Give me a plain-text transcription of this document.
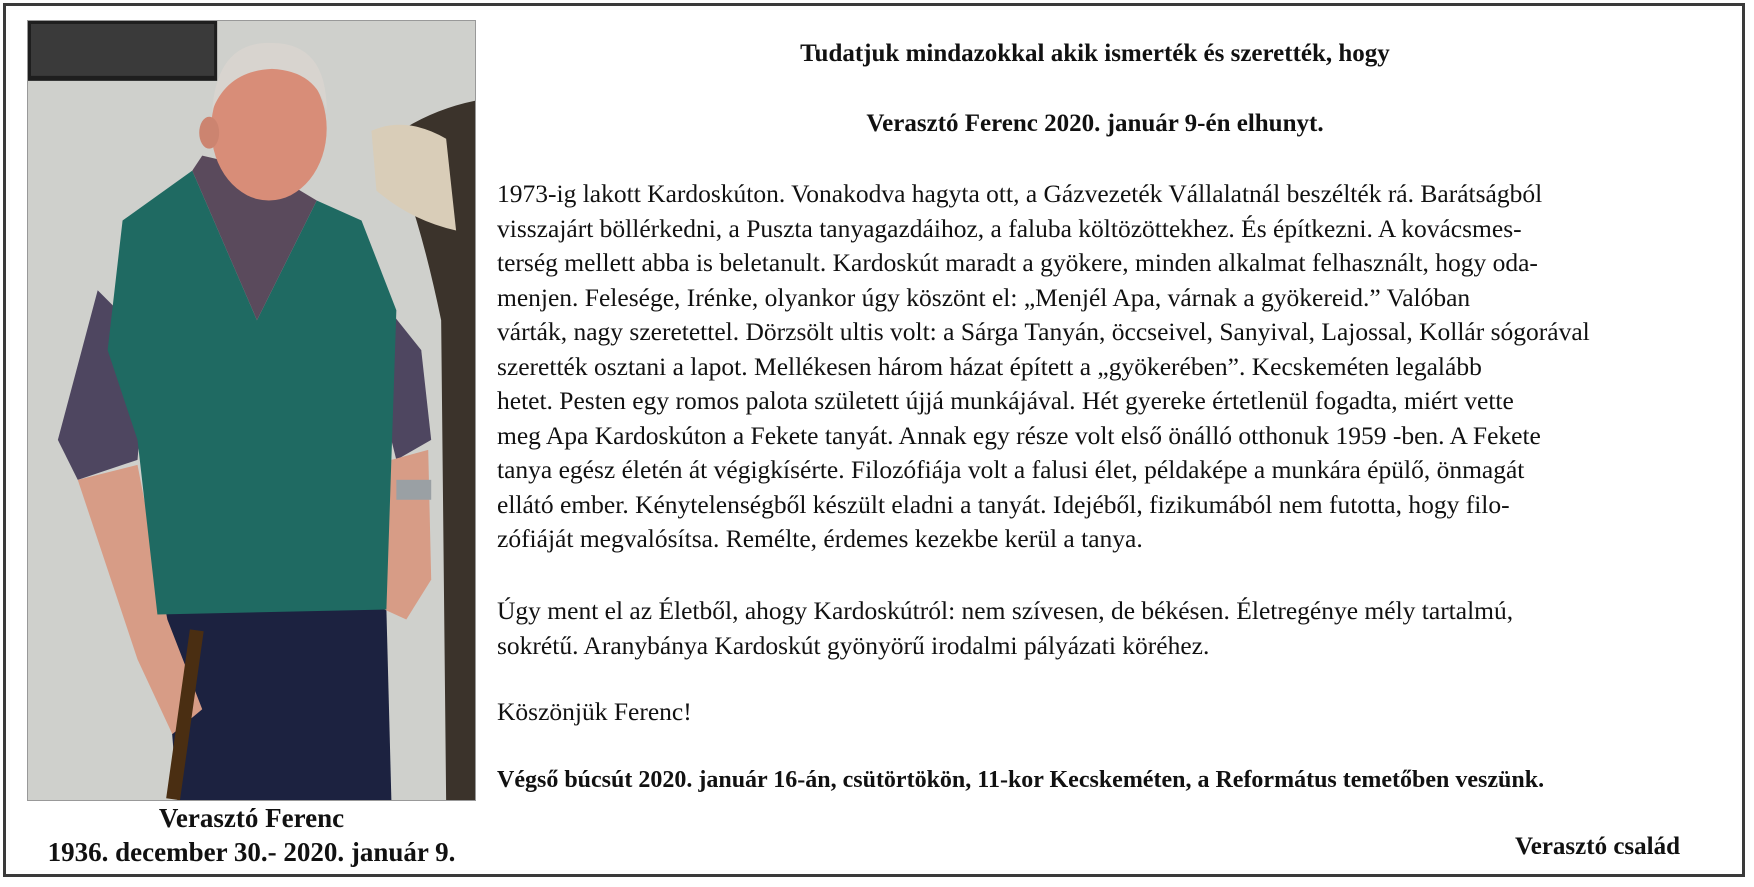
Verasztó Ferenc
1936. december 30.- 2020. január 9.
Tudatjuk mindazokkal akik ismerték és szerették, hogy
Verasztó Ferenc 2020. január 9-én elhunyt.
1973-ig lakott Kardoskúton. Vonakodva hagyta ott, a Gázvezeték Vállalatnál beszélték rá. Barátságból
visszajárt böllérkedni, a Puszta tanyagazdáihoz, a faluba költözöttekhez. És építkezni. A kovácsmes-
terség mellett abba is beletanult. Kardoskút maradt a gyökere, minden alkalmat felhasznált, hogy oda-
menjen. Felesége, Irénke, olyankor úgy köszönt el: „Menjél Apa, várnak a gyökereid.” Valóban
várták, nagy szeretettel. Dörzsölt ultis volt: a Sárga Tanyán, öccseivel, Sanyival, Lajossal, Kollár sógorával
szerették osztani a lapot. Mellékesen három házat épített a „gyökerében”. Kecskeméten legalább
hetet. Pesten egy romos palota született újjá munkájával. Hét gyereke értetlenül fogadta, miért vette
meg Apa Kardoskúton a Fekete tanyát. Annak egy része volt első önálló otthonuk 1959 -ben. A Fekete
tanya egész életén át végigkísérte. Filozófiája volt a falusi élet, példaképe a munkára épülő, önmagát
ellátó ember. Kénytelenségből készült eladni a tanyát. Idejéből, fizikumából nem futotta, hogy filo-
zófiáját megvalósítsa. Remélte, érdemes kezekbe kerül a tanya.
Úgy ment el az Életből, ahogy Kardoskútról: nem szívesen, de békésen. Életregénye mély tartalmú,
sokrétű. Aranybánya Kardoskút gyönyörű irodalmi pályázati köréhez.
Köszönjük Ferenc!
Végső búcsút 2020. január 16-án, csütörtökön, 11-kor Kecskeméten, a Református temetőben veszünk.
Verasztó család
